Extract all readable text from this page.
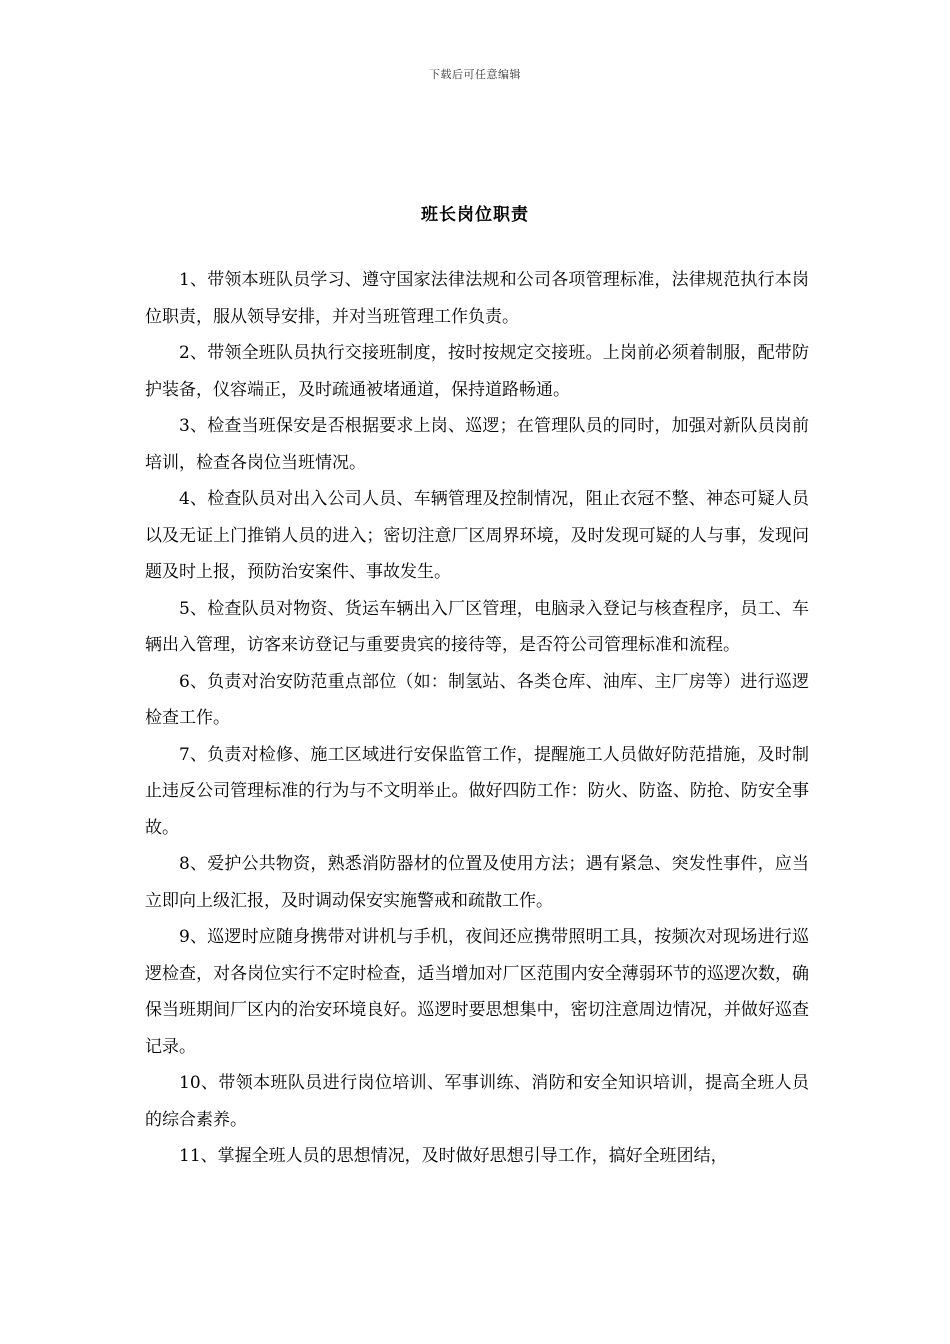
下载后可任意编辑
班长岗位职责

1、带领本班队员学习、遵守国家法律法规和公司各项管理标准，法律规范执行本岗位职责，服从领导安排，并对当班管理工作负责。

2、带领全班队员执行交接班制度，按时按规定交接班。上岗前必须着制服，配带防护装备，仪容端正，及时疏通被堵通道，保持道路畅通。

3、检查当班保安是否根据要求上岗、巡逻；在管理队员的同时，加强对新队员岗前培训，检查各岗位当班情况。

4、检查队员对出入公司人员、车辆管理及控制情况，阻止衣冠不整、神态可疑人员以及无证上门推销人员的进入；密切注意厂区周界环境，及时发现可疑的人与事，发现问题及时上报，预防治安案件、事故发生。

5、检查队员对物资、货运车辆出入厂区管理，电脑录入登记与核查程序，员工、车辆出入管理，访客来访登记与重要贵宾的接待等，是否符公司管理标准和流程。

6、负责对治安防范重点部位（如：制氢站、各类仓库、油库、主厂房等）进行巡逻检查工作。

7、负责对检修、施工区域进行安保监管工作，提醒施工人员做好防范措施，及时制止违反公司管理标准的行为与不文明举止。做好四防工作：防火、防盗、防抢、防安全事故。

8、爱护公共物资，熟悉消防器材的位置及使用方法；遇有紧急、突发性事件，应当立即向上级汇报，及时调动保安实施警戒和疏散工作。

9、巡逻时应随身携带对讲机与手机，夜间还应携带照明工具，按频次对现场进行巡逻检查，对各岗位实行不定时检查，适当增加对厂区范围内安全薄弱环节的巡逻次数，确保当班期间厂区内的治安环境良好。巡逻时要思想集中，密切注意周边情况，并做好巡查记录。

10、带领本班队员进行岗位培训、军事训练、消防和安全知识培训，提高全班人员的综合素养。

11、掌握全班人员的思想情况，及时做好思想引导工作，搞好全班团结，
